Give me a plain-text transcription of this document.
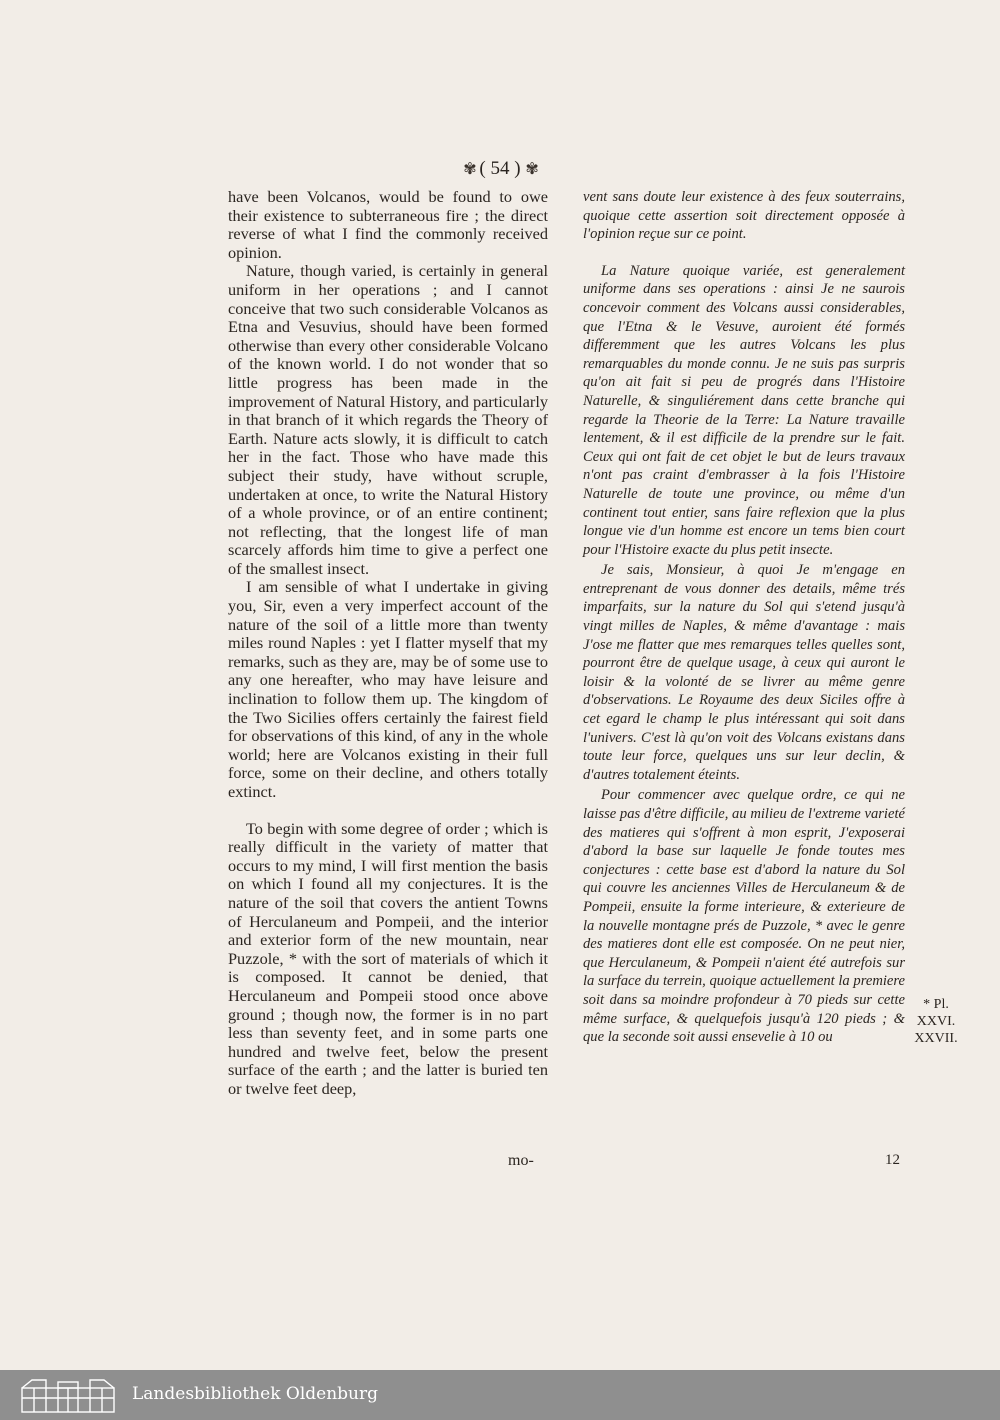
✾ ( 54 ) ✾

have been Volcanos, would be found to owe their existence to subterraneous fire ; the direct reverse of what I find the commonly received opinion.

Nature, though varied, is certainly in general uniform in her operations ; and I cannot conceive that two such considerable Volcanos as Etna and Vesuvius, should have been formed otherwise than every other considerable Volcano of the known world. I do not wonder that so little progress has been made in the improvement of Natural History, and particularly in that branch of it which regards the Theory of Earth. Nature acts slowly, it is difficult to catch her in the fact. Those who have made this subject their study, have without scruple, undertaken at once, to write the Natural History of a whole province, or of an entire continent; not reflecting, that the longest life of man scarcely affords him time to give a perfect one of the smallest insect.

I am sensible of what I undertake in giving you, Sir, even a very imperfect account of the nature of the soil of a little more than twenty miles round Naples : yet I flatter myself that my remarks, such as they are, may be of some use to any one hereafter, who may have leisure and inclination to follow them up. The kingdom of the Two Sicilies offers certainly the fairest field for observations of this kind, of any in the whole world; here are Volcanos existing in their full force, some on their decline, and others totally extinct.

To begin with some degree of order ; which is really difficult in the variety of matter that occurs to my mind, I will first mention the basis on which I found all my conjectures. It is the nature of the soil that covers the antient Towns of Herculaneum and Pompeii, and the interior and exterior form of the new mountain, near Puzzole, * with the sort of materials of which it is composed. It cannot be denied, that Herculaneum and Pompeii stood once above ground ; though now, the former is in no part less than seventy feet, and in some parts one hundred and twelve feet, below the present surface of the earth ; and the latter is buried ten or twelve feet deep,

mo-

vent sans doute leur existence à des feux souterrains, quoique cette assertion soit directement opposée à l'opinion reçue sur ce point.

La Nature quoique variée, est generalement uniforme dans ses operations : ainsi Je ne saurois concevoir comment des Volcans aussi considerables, que l'Etna & le Vesuve, auroient été formés differemment que les autres Volcans les plus remarquables du monde connu. Je ne suis pas surpris qu'on ait fait si peu de progrés dans l'Histoire Naturelle, & singuliérement dans cette branche qui regarde la Theorie de la Terre: La Nature travaille lentement, & il est difficile de la prendre sur le fait. Ceux qui ont fait de cet objet le but de leurs travaux n'ont pas craint d'embrasser à la fois l'Histoire Naturelle de toute une province, ou même d'un continent tout entier, sans faire reflexion que la plus longue vie d'un homme est encore un tems bien court pour l'Histoire exacte du plus petit insecte.

Je sais, Monsieur, à quoi Je m'engage en entreprenant de vous donner des details, même trés imparfaits, sur la nature du Sol qui s'etend jusqu'à vingt milles de Naples, & même d'avantage : mais J'ose me flatter que mes remarques telles quelles sont, pourront être de quelque usage, à ceux qui auront le loisir & la volonté de se livrer au même genre d'observations. Le Royaume des deux Siciles offre à cet egard le champ le plus intéressant qui soit dans l'univers. C'est là qu'on voit des Volcans existans dans toute leur force, quelques uns sur leur declin, & d'autres totalement éteints.

Pour commencer avec quelque ordre, ce qui ne laisse pas d'être difficile, au milieu de l'extreme varieté des matieres qui s'offrent à mon esprit, J'exposerai d'abord la base sur laquelle Je fonde toutes mes conjectures : cette base est d'abord la nature du Sol qui couvre les anciennes Villes de Herculaneum & de Pompeii, ensuite la forme interieure, & exterieure de la nouvelle montagne prés de Puzzole, * avec le genre des matieres dont elle est composée. On ne peut nier, que Herculaneum, & Pompeii n'aient été autrefois sur la surface du terrein, quoique actuellement la premiere soit dans sa moindre profondeur à 70 pieds sur cette même surface, & quelquefois jusqu'à 120 pieds ; & que la seconde soit aussi ensevelie à 10 ou

12
* Pl.
XXVI.
XXVII.
Landesbibliothek Oldenburg
